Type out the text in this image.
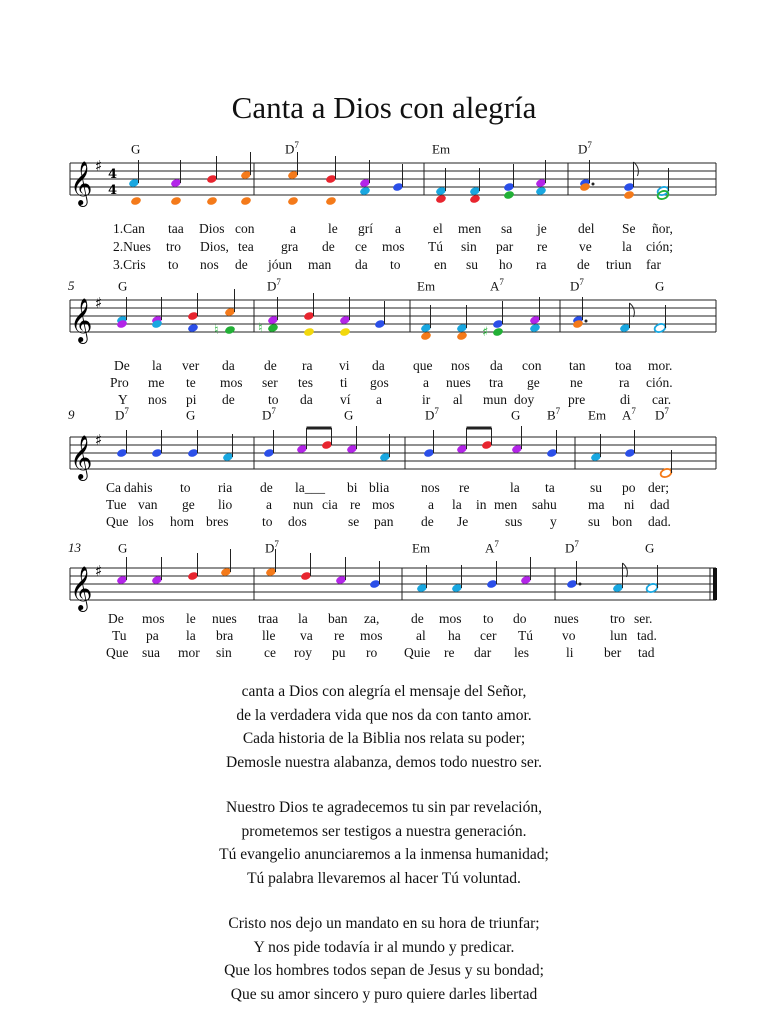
Canta a Dios con alegría
G	$D^7$	Em	$D^7$
𝄞 ♯ 4
4
1.Can taa Dios con	a le grí a el men sa je del Se ñor,
2.Nues tro Dios, tea gra de ce mos Tú sin par re ve la ción;
3.Cris to nos de jóun man da to en su ho ra de triun far
5	G	$D^7$	Em	$A^7$	$D^7$	G
𝄞 ♯
♮	♮	♯
De la ver da de ra vi da que nos da con tan toa mor.
Pro me te mos ser tes ti gos	a nues tra ge ne	ra ción.
Y nos pi de to da ví a	ir al mun doy	pre	di car.
9	$D^7$	G	$D^7$	G	$D^7$	G $B^7$ Em $A^7$ $D^7$
𝄞 ♯
Ca dahis to ria de la___ bi blia nos re	la ta	su po der;
Tue van ge lio a nun cia re mos a la in men sahu ma ni dad
Que los hom bres to dos	se pan de Je	sus y su bon dad.
13	G	$D^7$	Em	$A^7$	$D^7$	G
𝄞 ♯
De mos le nues traa la ban za, de mos to do nues tro ser.
Tu pa la bra lle va re mos al ha cer Tú vo	lun tad.
Que sua mor sin ce roy pu ro Quie re dar les	li ber tad
canta a Dios con alegría el mensaje del Señor,
de la verdadera vida que nos da con tanto amor.
Cada historia de la Biblia nos relata su poder;
Demosle nuestra alabanza, demos todo nuestro ser.
Nuestro Dios te agradecemos tu sin par revelación,
prometemos ser testigos a nuestra generación.
Tú evangelio anunciaremos a la inmensa humanidad;
Tú palabra llevaremos al hacer Tú voluntad.
Cristo nos dejo un mandato en su hora de triunfar;
Y nos pide todavía ir al mundo y predicar.
Que los hombres todos sepan de Jesus y su bondad;
Que su amor sincero y puro quiere darles libertad
